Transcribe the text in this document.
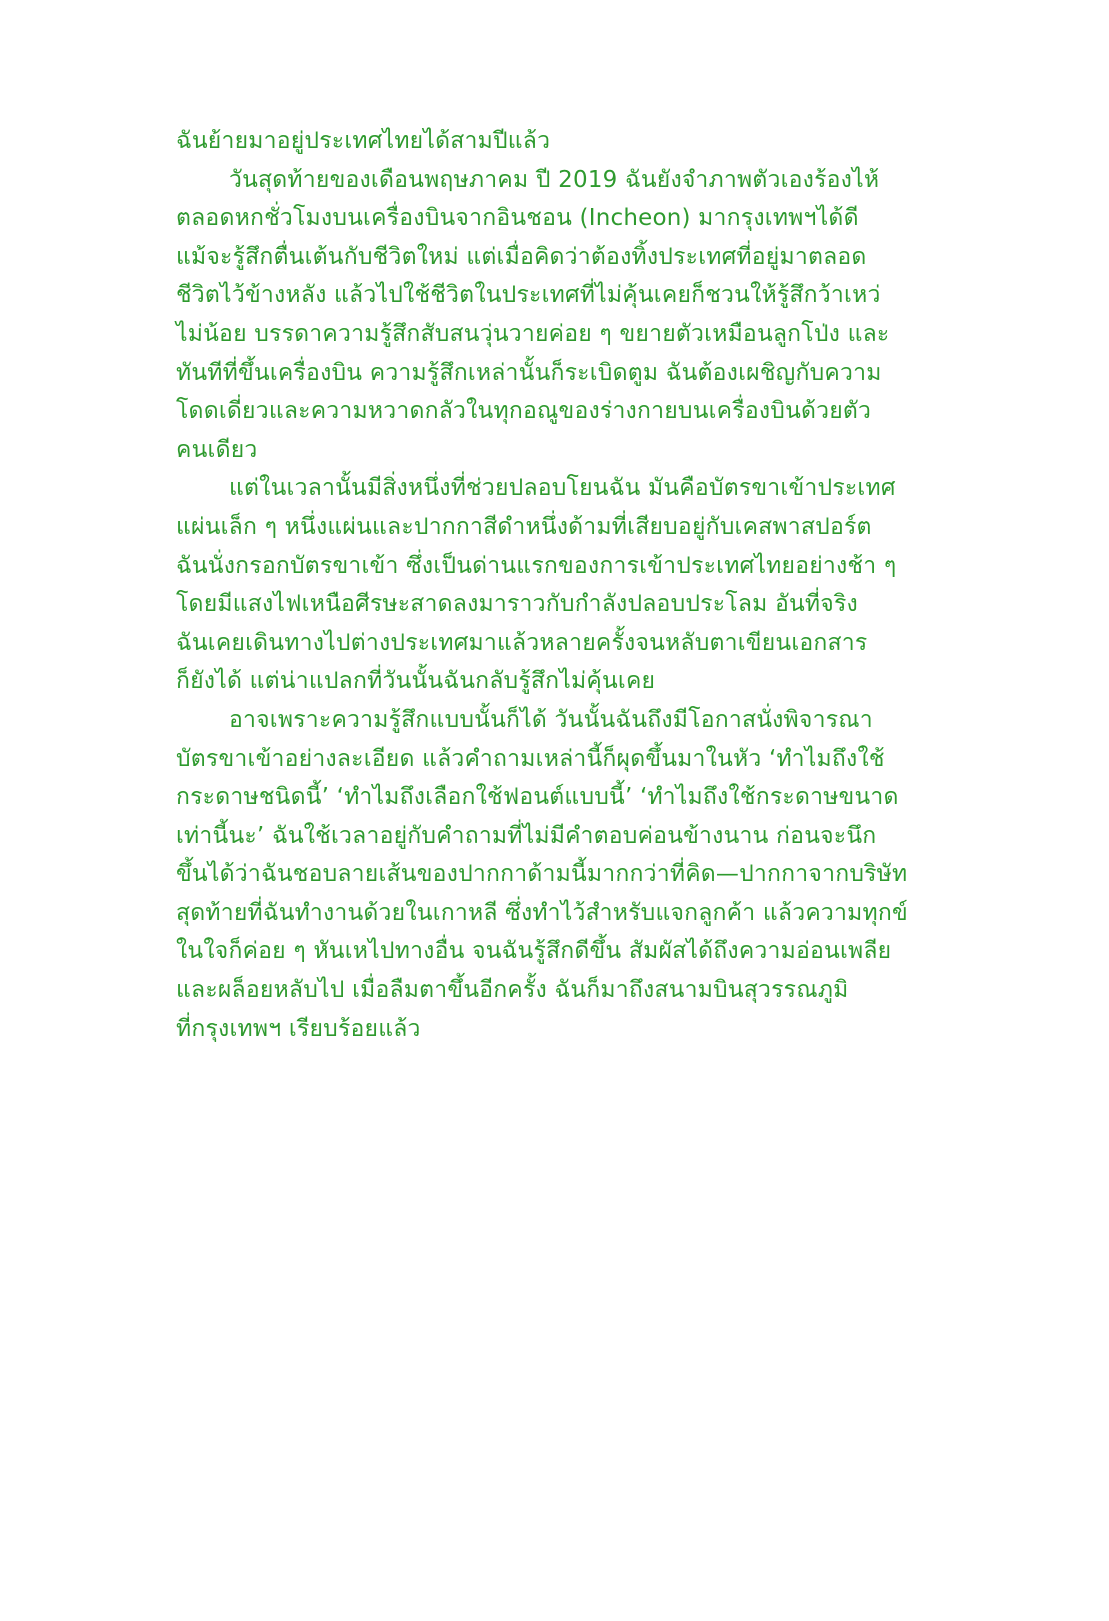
ฉันย้ายมาอยู่ประเทศไทยได้สามปีแล้ว
วันสุดท้ายของเดือนพฤษภาคม ปี 2019 ฉันยังจำภาพตัวเองร้องไห้
ตลอดหกชั่วโมงบนเครื่องบินจากอินชอน (Incheon) มากรุงเทพฯได้ดี
แม้จะรู้สึกตื่นเต้นกับชีวิตใหม่ แต่เมื่อคิดว่าต้องทิ้งประเทศที่อยู่มาตลอด
ชีวิตไว้ข้างหลัง แล้วไปใช้ชีวิตในประเทศที่ไม่คุ้นเคยก็ชวนให้รู้สึกว้าเหว่
ไม่น้อย บรรดาความรู้สึกสับสนวุ่นวายค่อย ๆ ขยายตัวเหมือนลูกโป่ง และ
ทันทีที่ขึ้นเครื่องบิน ความรู้สึกเหล่านั้นก็ระเบิดตูม ฉันต้องเผชิญกับความ
โดดเดี่ยวและความหวาดกลัวในทุกอณูของร่างกายบนเครื่องบินด้วยตัว
คนเดียว
แต่ในเวลานั้นมีสิ่งหนึ่งที่ช่วยปลอบโยนฉัน มันคือบัตรขาเข้าประเทศ
แผ่นเล็ก ๆ หนึ่งแผ่นและปากกาสีดำหนึ่งด้ามที่เสียบอยู่กับเคสพาสปอร์ต
ฉันนั่งกรอกบัตรขาเข้า ซึ่งเป็นด่านแรกของการเข้าประเทศไทยอย่างช้า ๆ
โดยมีแสงไฟเหนือศีรษะสาดลงมาราวกับกำลังปลอบประโลม อันที่จริง
ฉันเคยเดินทางไปต่างประเทศมาแล้วหลายครั้งจนหลับตาเขียนเอกสาร
ก็ยังได้ แต่น่าแปลกที่วันนั้นฉันกลับรู้สึกไม่คุ้นเคย
อาจเพราะความรู้สึกแบบนั้นก็ได้ วันนั้นฉันถึงมีโอกาสนั่งพิจารณา
บัตรขาเข้าอย่างละเอียด แล้วคำถามเหล่านี้ก็ผุดขึ้นมาในหัว ‘ทำไมถึงใช้
กระดาษชนิดนี้’ ‘ทำไมถึงเลือกใช้ฟอนต์แบบนี้’ ‘ทำไมถึงใช้กระดาษขนาด
เท่านี้นะ’ ฉันใช้เวลาอยู่กับคำถามที่ไม่มีคำตอบค่อนข้างนาน ก่อนจะนึก
ขึ้นได้ว่าฉันชอบลายเส้นของปากกาด้ามนี้มากกว่าที่คิด—ปากกาจากบริษัท
สุดท้ายที่ฉันทำงานด้วยในเกาหลี ซึ่งทำไว้สำหรับแจกลูกค้า แล้วความทุกข์
ในใจก็ค่อย ๆ หันเหไปทางอื่น จนฉันรู้สึกดีขึ้น สัมผัสได้ถึงความอ่อนเพลีย
และผล็อยหลับไป เมื่อลืมตาขึ้นอีกครั้ง ฉันก็มาถึงสนามบินสุวรรณภูมิ
ที่กรุงเทพฯ เรียบร้อยแล้ว
